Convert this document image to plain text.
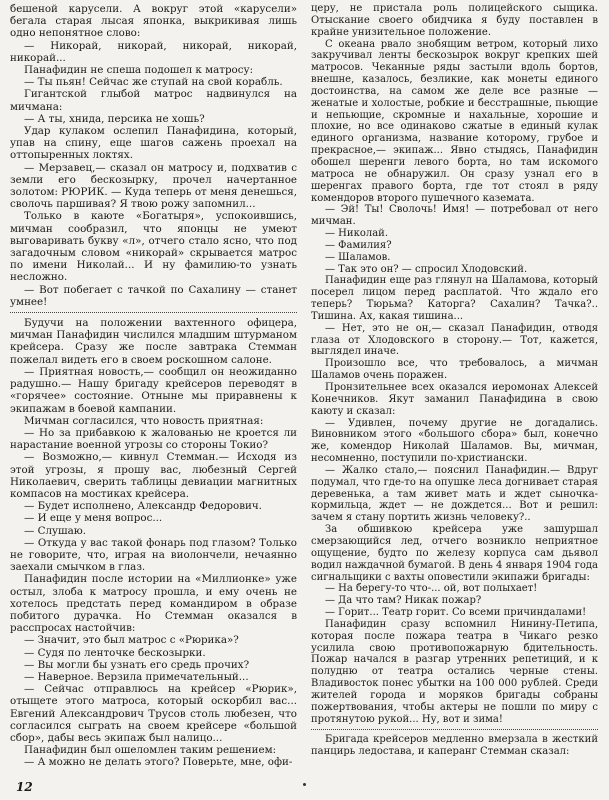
бешеной карусели. А вокруг этой «карусели» бегала старая лысая японка, выкрикивая лишь одно непонятное слово:

— Никорай, никорай, никорай, никорай, никорай...

Панафидин не спеша подошел к матросу:

— Ты пьян! Сейчас же ступай на свой корабль.

Гигантской глыбой матрос надвинулся на мичмана:

— А ты, хнида, персика не хошь?

Удар кулаком ослепил Панафидина, который, упав на спину, еще шагов сажень проехал на оттопыренных локтях.

— Мерзавец,— сказал он матросу и, подхватив с земли его бескозырку, прочел начертанное золотом: РЮРИК. — Куда теперь от меня денешься, сволочь паршивая? Я твою рожу запомнил...

Только в каюте «Богатыря», успокоившись, мичман сообразил, что японцы не умеют выговаривать букву «л», отчего стало ясно, что под загадочным словом «никорай» скрывается матрос по имени Николай... И ну фамилию-то узнать несложно.

— Вот побегает с тачкой по Сахалину — станет умнее!

Будучи на положении вахтенного офицера, мичман Панафидин числился младшим штурманом крейсера. Сразу же после завтрака Стемман пожелал видеть его в своем роскошном салоне.

— Приятная новость,— сообщил он неожиданно радушно.— Нашу бригаду крейсеров переводят в «горячее» состояние. Отныне мы приравнены к экипажам в боевой кампании.

Мичман согласился, что новость приятная:

— Но за прибавкою к жалованью не кроется ли нарастание военной угрозы со стороны Токио?

— Возможно,— кивнул Стемман.— Исходя из этой угрозы, я прошу вас, любезный Сергей Николаевич, сверить таблицы девиации магнитных компасов на мостиках крейсера.

— Будет исполнено, Александр Федорович.

— И еще у меня вопрос...

— Слушаю.

— Откуда у вас такой фонарь под глазом? Только не говорите, что, играя на виолончели, нечаянно заехали смычком в глаз.

Панафидин после истории на «Миллионке» уже остыл, злоба к матросу прошла, и ему очень не хотелось предстать перед командиром в образе побитого дурачка. Но Стемман оказался в расспросах настойчив:

— Значит, это был матрос с «Рюрика»?

— Судя по ленточке бескозырки.

— Вы могли бы узнать его средь прочих?

— Наверное. Верзила примечательный...

— Сейчас отправлюсь на крейсер «Рюрик», отыщете этого матроса, который оскорбил вас... Евгений Александрович Трусов столь любезен, что согласился сыграть на своем крейсере «большой сбор», дабы весь экипаж был налицо...

Панафидин был ошеломлен таким решением:

— А можно не делать этого? Поверьте, мне, офи-

церу, не пристала роль полицейского сыщика. Отыскание своего обидчика я буду поставлен в крайне унизительное положение.

С океана рвало знобящим ветром, который лихо закручивал ленты бескозырок вокруг крепких шей матросов. Чеканные ряды застыли вдоль бортов, внешне, казалось, безликие, как монеты единого достоинства, на самом же деле все разные — женатые и холостые, робкие и бесстрашные, пьющие и непьющие, скромные и нахальные, хорошие и плохие, но все одинаково сжатые в единый кулак единого организма, название которому, грубое и прекрасное,— экипаж... Явно стыдясь, Панафидин обошел шеренги левого борта, но там искомого матроса не обнаружил. Он сразу узнал его в шеренгах правого борта, где тот стоял в ряду комендоров второго пушечного каземата.

— Эй! Ты! Сволочь! Имя! — потребовал от него мичман.

— Николай.

— Фамилия?

— Шаламов.

— Так это он? — спросил Хлодовский.

Панафидин еще раз глянул на Шаламова, который посерел лицом перед расплатой. Что ждало его теперь? Тюрьма? Каторга? Сахалин? Тачка?.. Тишина. Ах, какая тишина...

— Нет, это не он,— сказал Панафидин, отводя глаза от Хлодовского в сторону.— Тот, кажется, выглядел иначе.

Произошло все, что требовалось, а мичман Шаламов очень поражен.

Пронзительнее всех оказался иеромонах Алексей Конечников. Якут заманил Панафидина в свою каюту и сказал:

— Удивлен, почему другие не догадались. Виновником этого «большого сбора» был, конечно же, комендор Николай Шаламов. Вы, мичман, несомненно, поступили по-христиански.

— Жалко стало,— пояснил Панафидин.— Вдруг подумал, что где-то на опушке леса догнивает старая деревенька, а там живет мать и ждет сыночка-кормильца, ждет — не дождется... Вот и решил: зачем я стану портить жизнь человеку?..

За обшивкою крейсера уже зашуршал смерзающийся лед, отчего возникло неприятное ощущение, будто по железу корпуса сам дьявол водил наждачной бумагой. В день 4 января 1904 года сигнальщики с вахты оповестили экипажи бригады:

— На берегу-то что-... ой, вот полыхает!

— Да что там? Никак пожар?

— Горит... Театр горит. Со всеми причиндалами!

Панафидин сразу вспомнил Нинину-Петипа, которая после пожара театра в Чикаго резко усилила свою противопожарную бдительность. Пожар начался в разгар утренних репетиций, и к полудню от театра остались черные стены. Владивосток понес убытки на 100 000 рублей. Среди жителей города и моряков бригады собраны пожертвования, чтобы актеры не пошли по миру с протянутою рукой... Ну, вот и зима!

Бригада крейсеров медленно вмерзала в жесткий панцирь ледостава, и каперанг Стемман сказал:

12
